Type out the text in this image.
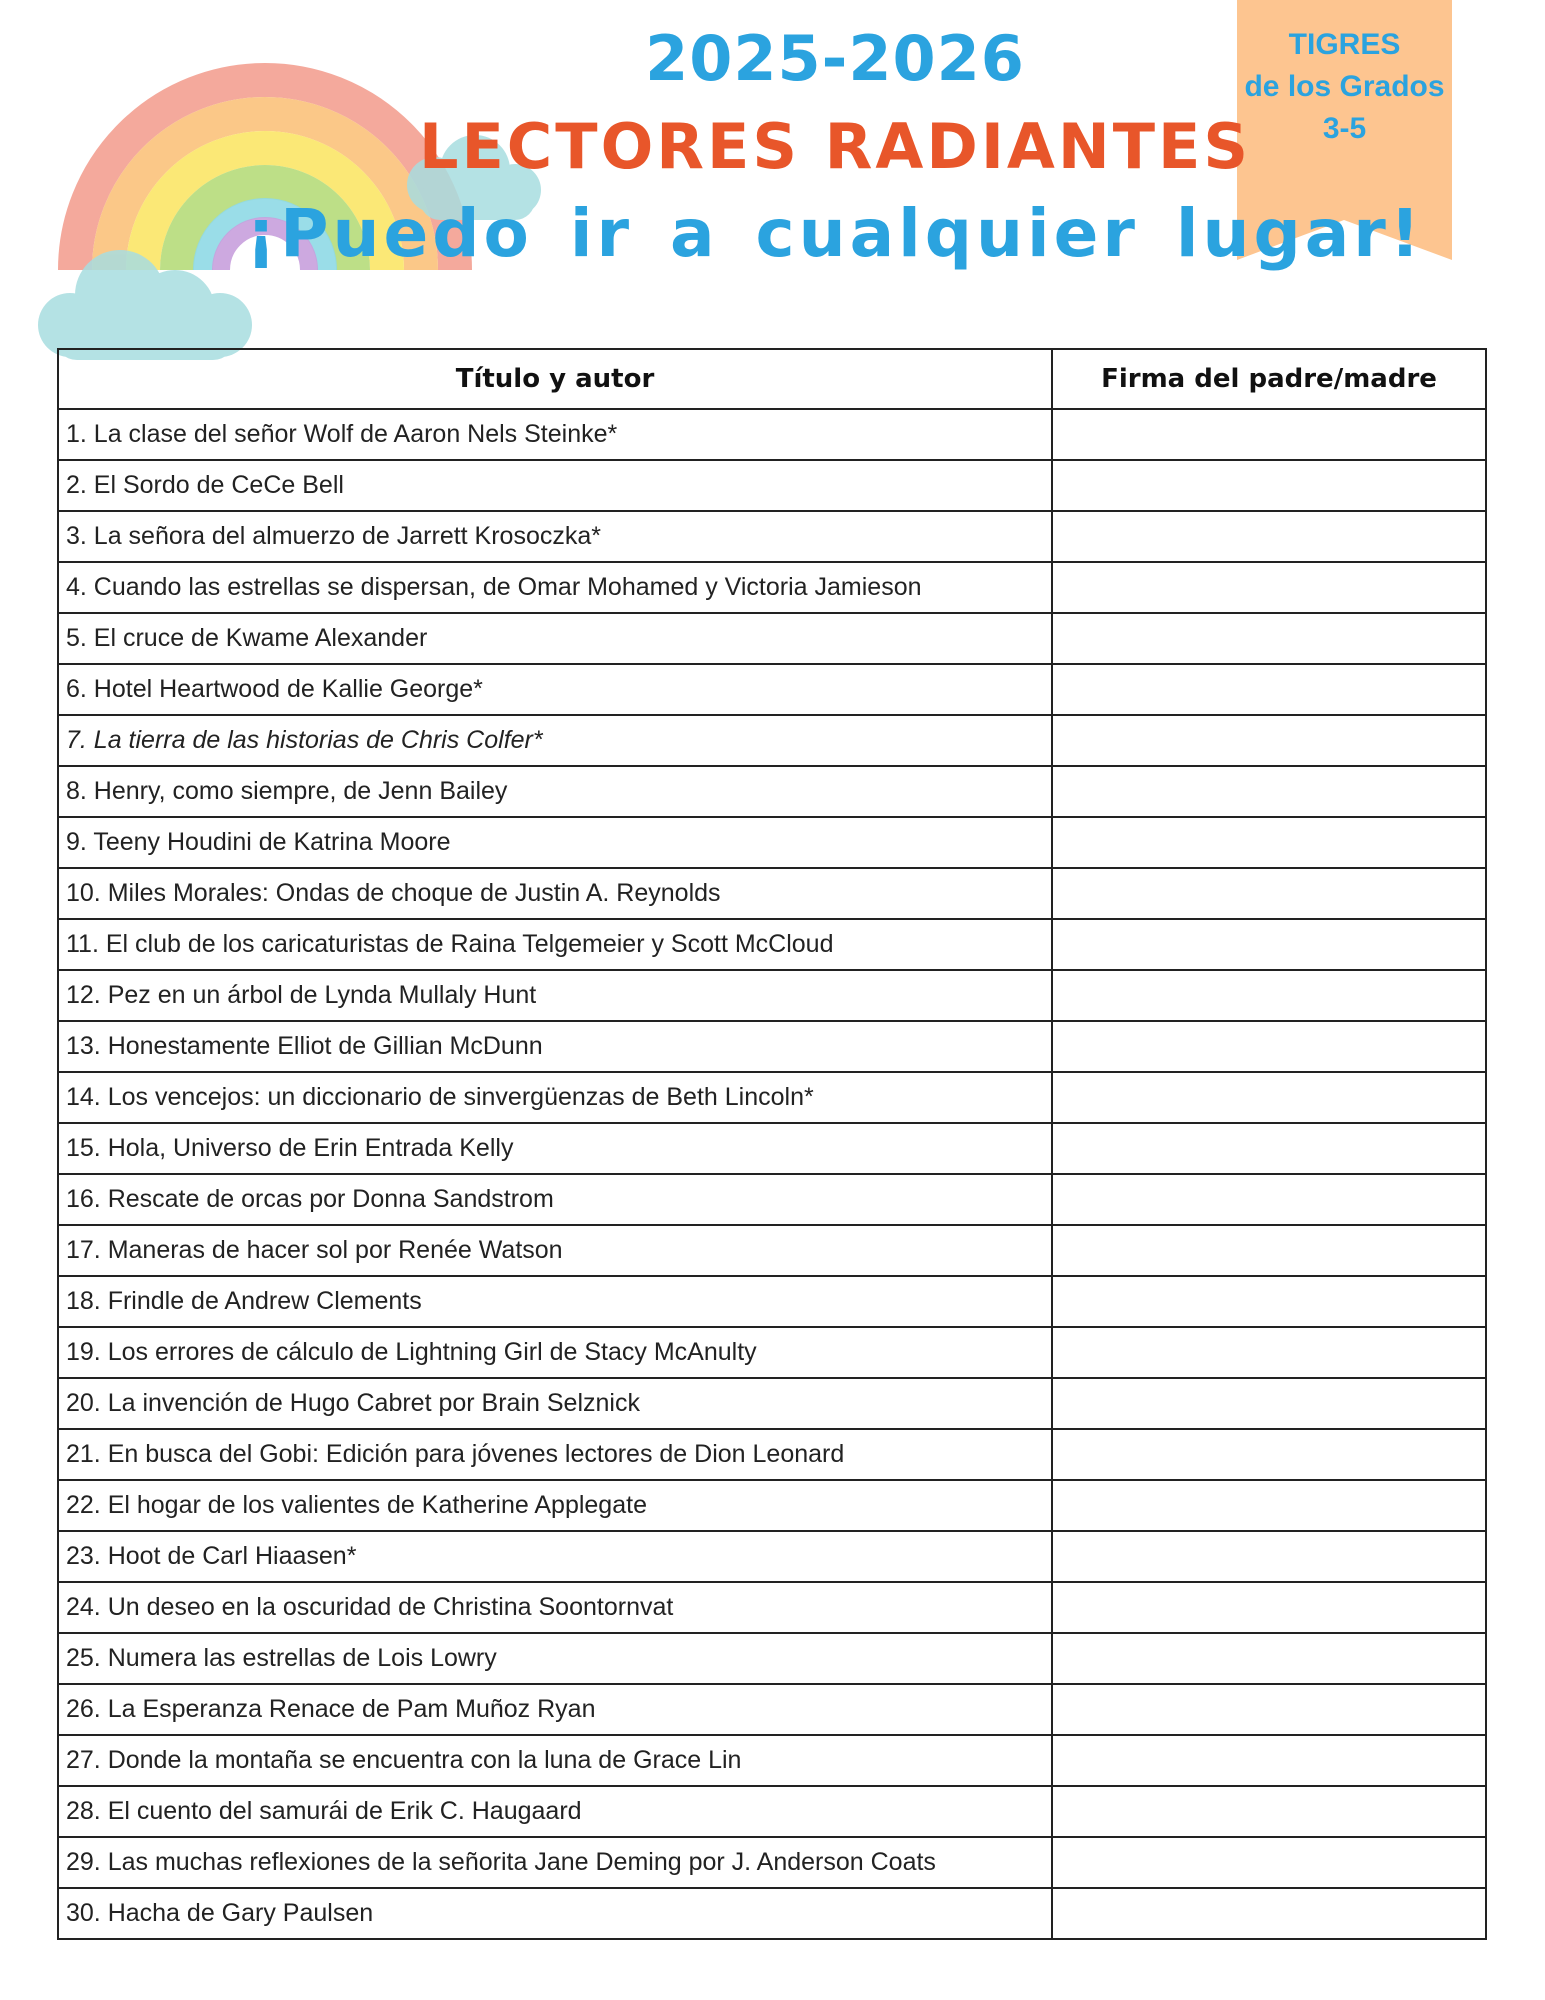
TIGRES
de los Grados
3-5
2025-2026
LECTORES RADIANTES
¡Puedo ir a cualquier lugar!
Título y autor	Firma del padre/madre
1. La clase del señor Wolf de Aaron Nels Steinke*	
2. El Sordo de CeCe Bell	
3. La señora del almuerzo de Jarrett Krosoczka*	
4. Cuando las estrellas se dispersan, de Omar Mohamed y Victoria Jamieson	
5. El cruce de Kwame Alexander	
6. Hotel Heartwood de Kallie George*	
7. La tierra de las historias de Chris Colfer*	
8. Henry, como siempre, de Jenn Bailey	
9. Teeny Houdini de Katrina Moore	
10. Miles Morales: Ondas de choque de Justin A. Reynolds	
11. El club de los caricaturistas de Raina Telgemeier y Scott McCloud	
12. Pez en un árbol de Lynda Mullaly Hunt	
13. Honestamente Elliot de Gillian McDunn	
14. Los vencejos: un diccionario de sinvergüenzas de Beth Lincoln*	
15. Hola, Universo de Erin Entrada Kelly	
16. Rescate de orcas por Donna Sandstrom	
17. Maneras de hacer sol por Renée Watson	
18. Frindle de Andrew Clements	
19. Los errores de cálculo de Lightning Girl de Stacy McAnulty	
20. La invención de Hugo Cabret por Brain Selznick	
21. En busca del Gobi: Edición para jóvenes lectores de Dion Leonard	
22. El hogar de los valientes de Katherine Applegate	
23. Hoot de Carl Hiaasen*	
24. Un deseo en la oscuridad de Christina Soontornvat	
25. Numera las estrellas de Lois Lowry	
26. La Esperanza Renace de Pam Muñoz Ryan	
27. Donde la montaña se encuentra con la luna de Grace Lin	
28. El cuento del samurái de Erik C. Haugaard	
29. Las muchas reflexiones de la señorita Jane Deming por J. Anderson Coats	
30. Hacha de Gary Paulsen	
